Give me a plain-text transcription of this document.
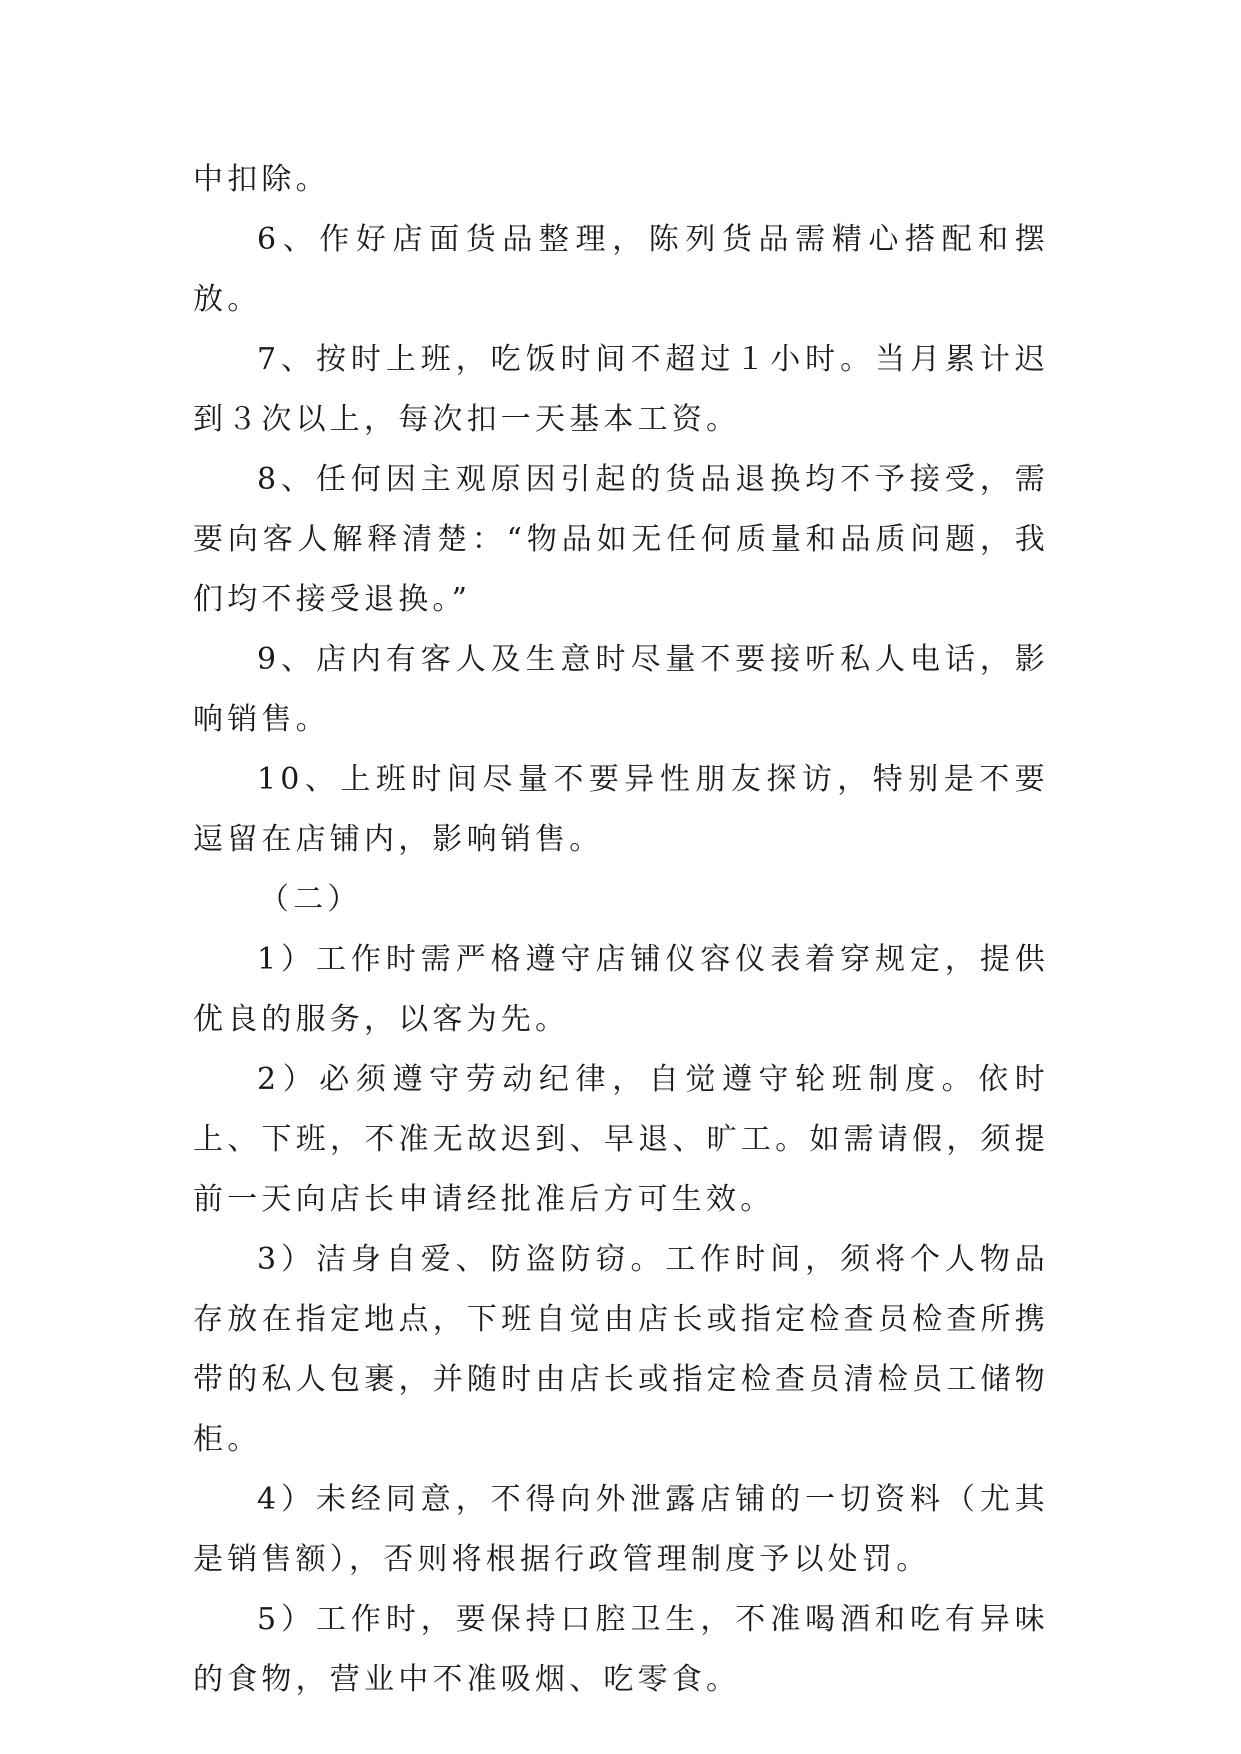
中扣除。

6、作好店面货品整理，陈列货品需精心搭配和摆放。

7、按时上班，吃饭时间不超过１小时。当月累计迟到３次以上，每次扣一天基本工资。

8、任何因主观原因引起的货品退换均不予接受，需要向客人解释清楚：“物品如无任何质量和品质问题，我们均不接受退换。”

9、店内有客人及生意时尽量不要接听私人电话，影响销售。

10、上班时间尽量不要异性朋友探访，特别是不要逗留在店铺内，影响销售。

（二）

1）工作时需严格遵守店铺仪容仪表着穿规定，提供优良的服务，以客为先。

2）必须遵守劳动纪律，自觉遵守轮班制度。依时上、下班，不准无故迟到、早退、旷工。如需请假，须提前一天向店长申请经批准后方可生效。

3）洁身自爱、防盗防窃。工作时间，须将个人物品存放在指定地点，下班自觉由店长或指定检查员检查所携带的私人包裹，并随时由店长或指定检查员清检员工储物柜。

4）未经同意，不得向外泄露店铺的一切资料（尤其是销售额），否则将根据行政管理制度予以处罚。

5）工作时，要保持口腔卫生，不准喝酒和吃有异味的食物，营业中不准吸烟、吃零食。
